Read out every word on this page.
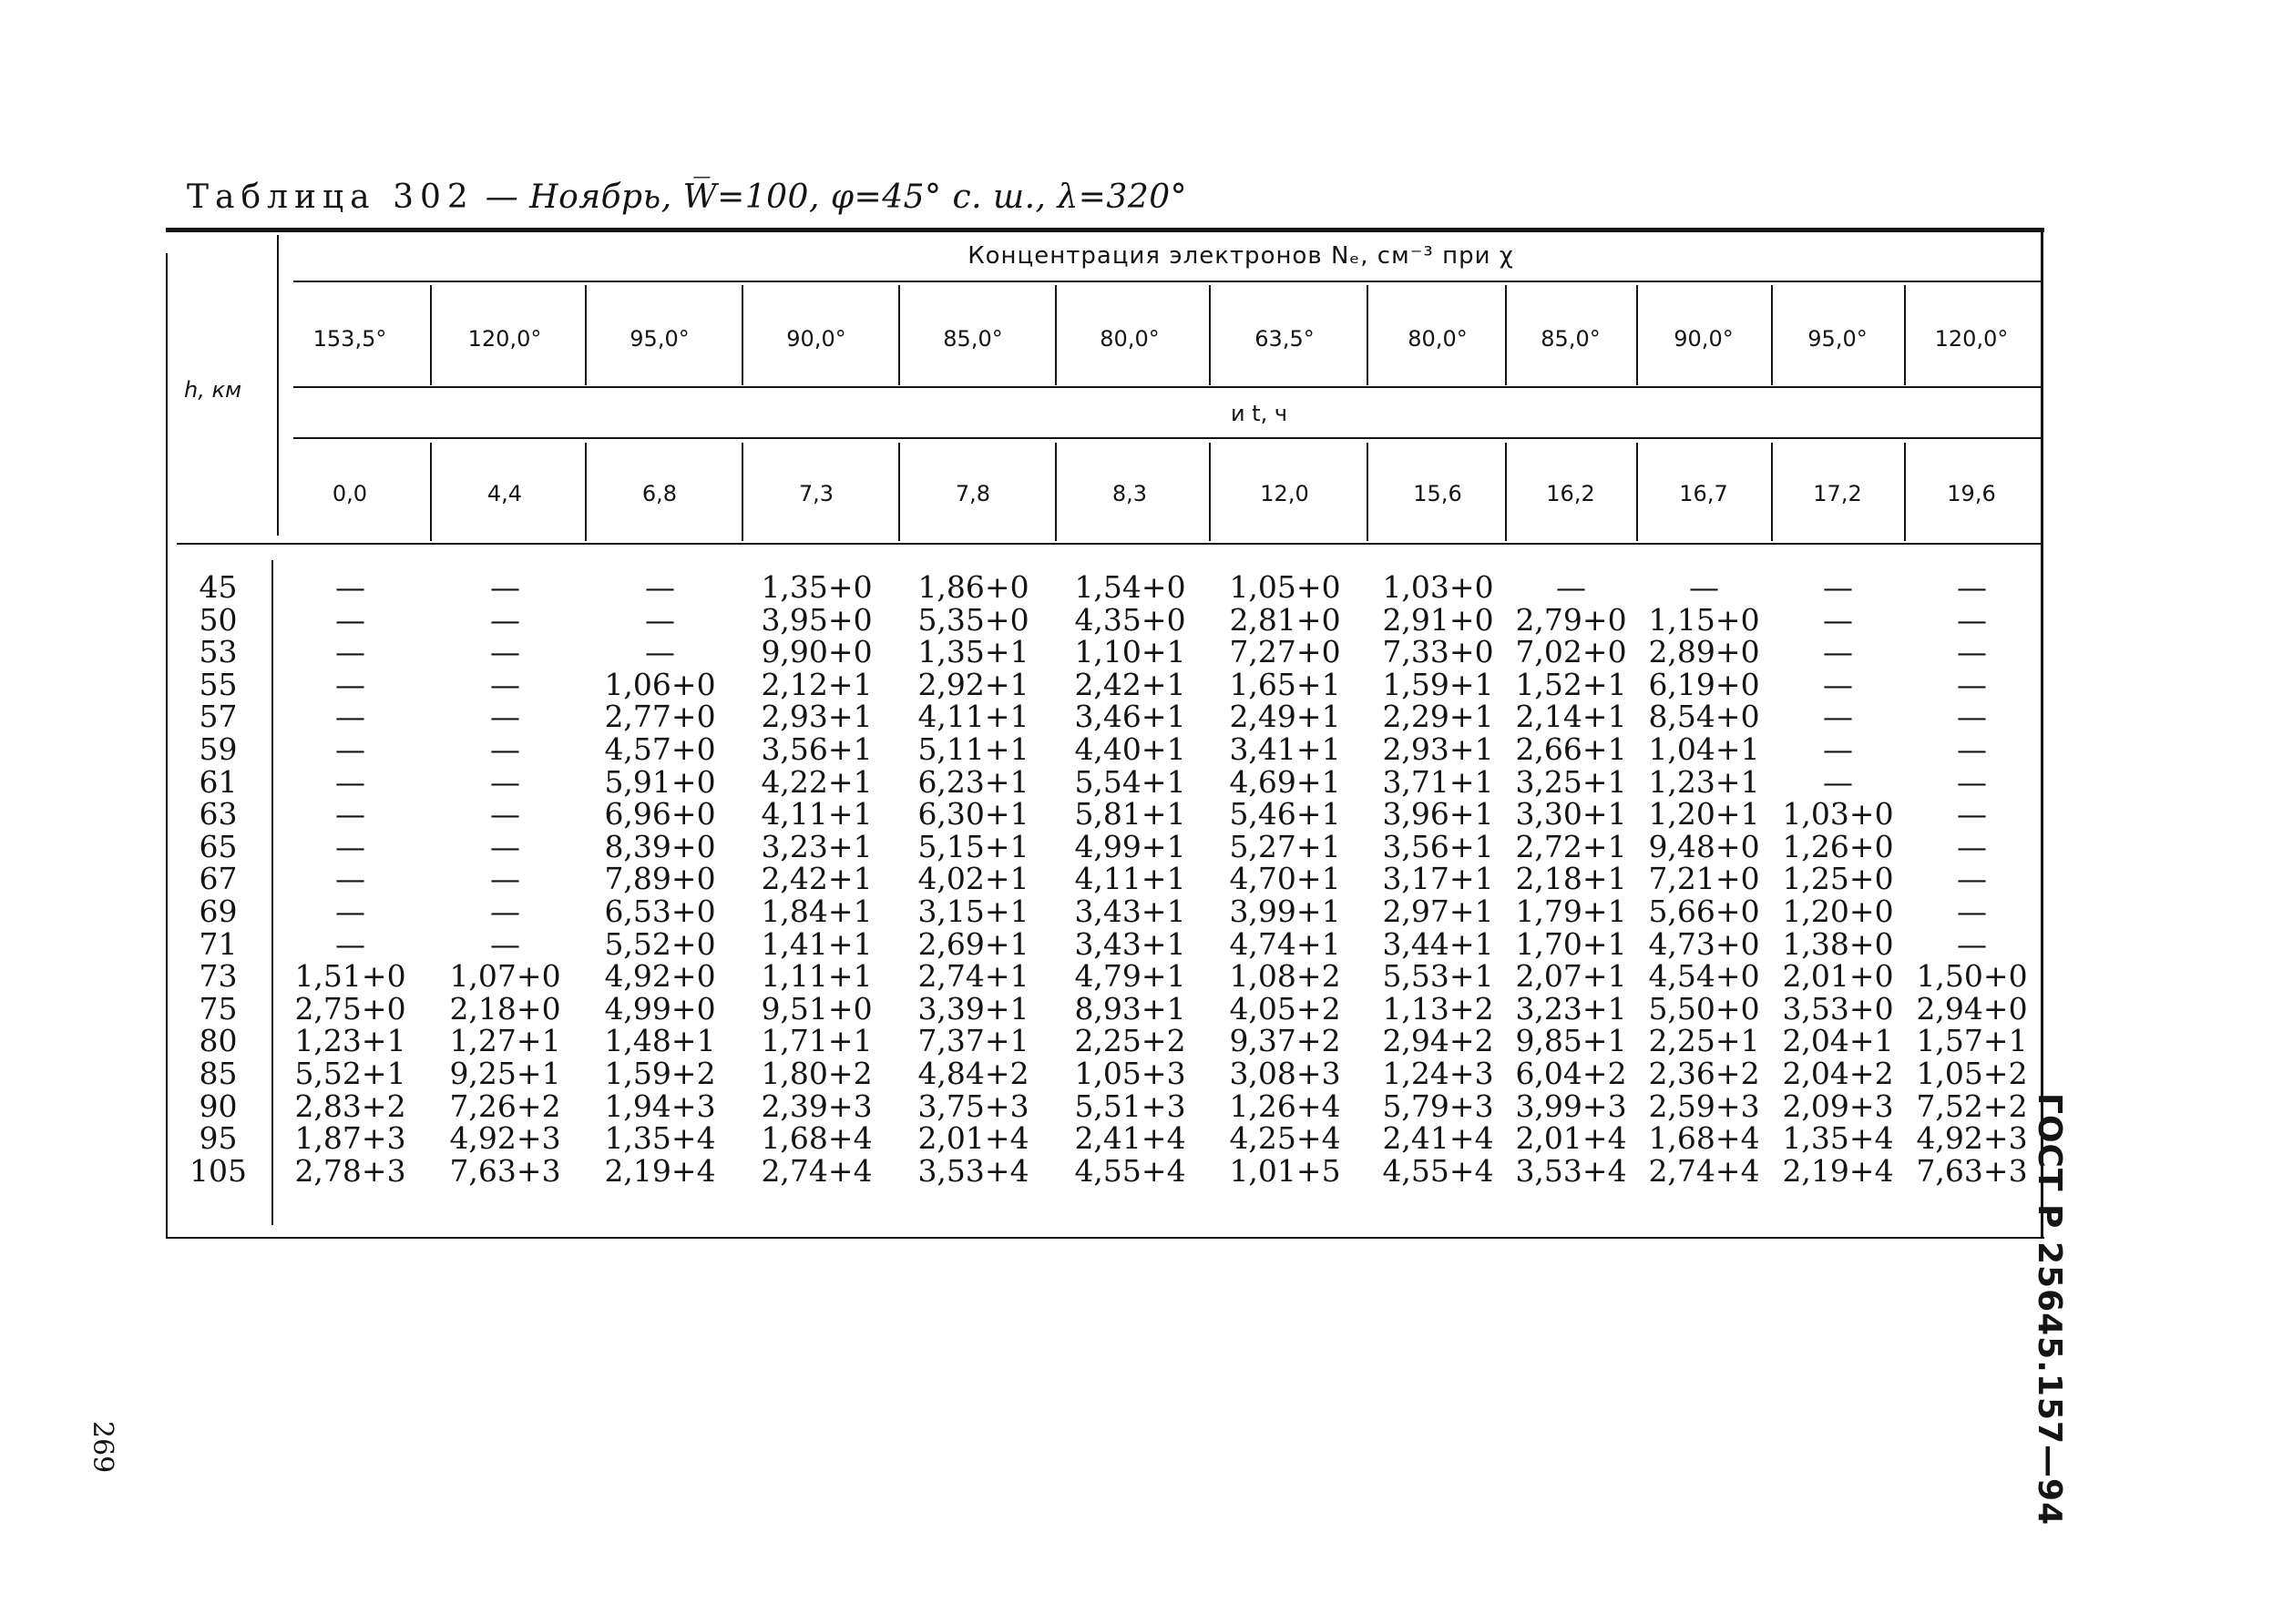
Таблица 302 — Ноябрь, W̅=100, φ=45° с. ш., λ=320°
Концентрация электронов Nₑ, см⁻³ при χ
и t, ч
h, км
153,5°	120,0°	95,0°	90,0°	85,0°	80,0°	63,5°	80,0°	85,0°	90,0°	95,0°	120,0°
0,0	4,4	6,8	7,3	7,8	8,3	12,0	15,6	16,2	16,7	17,2	19,6
45	—	—	—	1,35+0	1,86+0	1,54+0	1,05+0	1,03+0	—	—	—	—
50	—	—	—	3,95+0	5,35+0	4,35+0	2,81+0	2,91+0 2,79+0 1,15+0	—	—
53	—	—	—	9,90+0	1,35+1	1,10+1	7,27+0	7,33+0 7,02+0 2,89+0	—	—
55	—	—	1,06+0	2,12+1	2,92+1	2,42+1	1,65+1	1,59+1 1,52+1 6,19+0	—	—
57	—	—	2,77+0	2,93+1	4,11+1	3,46+1	2,49+1	2,29+1 2,14+1 8,54+0	—	—
59	—	—	4,57+0	3,56+1	5,11+1	4,40+1	3,41+1	2,93+1 2,66+1 1,04+1	—	—
61	—	—	5,91+0	4,22+1	6,23+1	5,54+1	4,69+1	3,71+1 3,25+1 1,23+1	—	—
63	—	—	6,96+0	4,11+1	6,30+1	5,81+1	5,46+1	3,96+1 3,30+1 1,20+1 1,03+0	—
65	—	—	8,39+0	3,23+1	5,15+1	4,99+1	5,27+1	3,56+1 2,72+1 9,48+0 1,26+0	—
67	—	—	7,89+0	2,42+1	4,02+1	4,11+1	4,70+1	3,17+1 2,18+1 7,21+0 1,25+0	—
69	—	—	6,53+0	1,84+1	3,15+1	3,43+1	3,99+1	2,97+1 1,79+1 5,66+0 1,20+0	—
71	—	—	5,52+0	1,41+1	2,69+1	3,43+1	4,74+1	3,44+1 1,70+1 4,73+0 1,38+0	—
73	1,51+0	1,07+0	4,92+0	1,11+1	2,74+1	4,79+1	1,08+2	5,53+1 2,07+1 4,54+0 2,01+0 1,50+0
75	2,75+0	2,18+0	4,99+0	9,51+0	3,39+1	8,93+1	4,05+2	1,13+2 3,23+1 5,50+0 3,53+0 2,94+0
80	1,23+1	1,27+1	1,48+1	1,71+1	7,37+1	2,25+2	9,37+2	2,94+2 9,85+1 2,25+1 2,04+1 1,57+1
85	5,52+1	9,25+1	1,59+2	1,80+2	4,84+2	1,05+3	3,08+3	1,24+3 6,04+2 2,36+2 2,04+2 1,05+2
90	2,83+2	7,26+2	1,94+3	2,39+3	3,75+3	5,51+3	1,26+4	5,79+3 3,99+3 2,59+3 2,09+3 7,52+2
95	1,87+3	4,92+3	1,35+4	1,68+4	2,01+4	2,41+4	4,25+4	2,41+4 2,01+4 1,68+4 1,35+4 4,92+3
105	2,78+3	7,63+3	2,19+4	2,74+4	3,53+4	4,55+4	1,01+5	4,55+4 3,53+4 2,74+4 2,19+4 7,63+3 ГОСТ Р 25645.157—94
269
